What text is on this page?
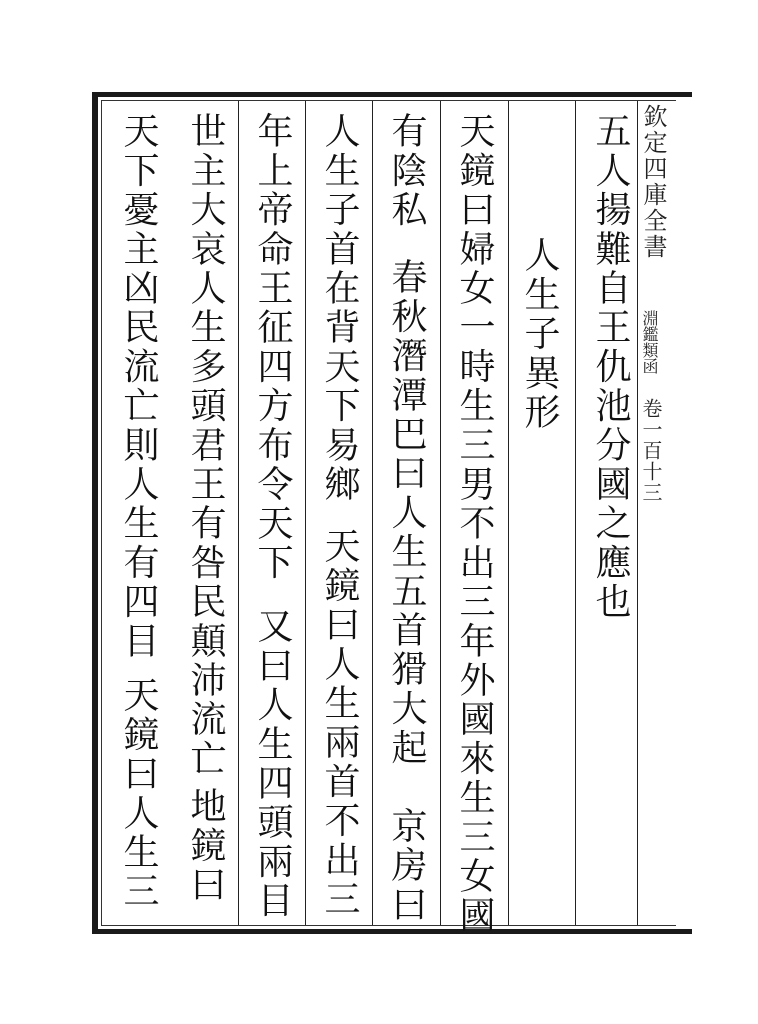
欽定四庫全書
淵鑑類函
卷一百十三
五人揚難自王仇池分國之應也
人生子異形
天鏡曰婦女一時生三男不出三年外國來生三女國
有陰私
春秋潛潭巴曰人生五首猾大起　京房曰
人生子首在背天下易鄉
天鏡曰人生兩首不出三
年上帝命王征四方布令天下
又曰人生四頭兩目
世主大哀人生多頭君王有咎民顛沛流亡
地鏡曰
天下憂主凶民流亡則人生有四目
天鏡曰人生三
